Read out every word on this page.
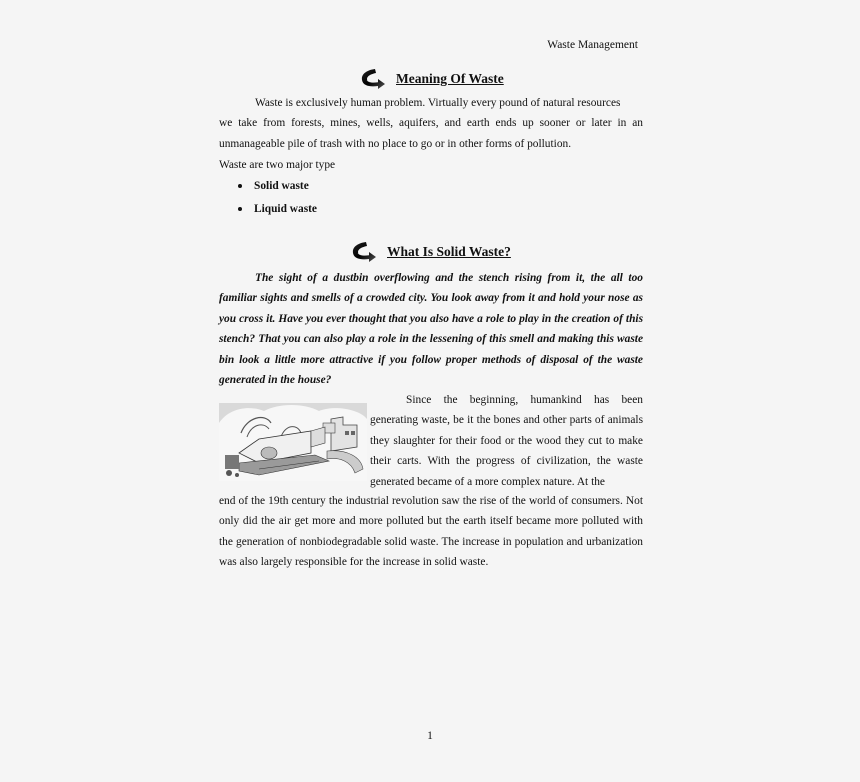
Waste Management
Meaning Of Waste

Waste is exclusively human problem. Virtually every pound of natural resources

we take from forests, mines, wells, aquifers, and earth ends up sooner or later in an

unmanageable pile of trash with no place to go or in other forms of pollution.

Waste are two major type
Solid waste
Liquid waste
What Is Solid Waste?

The sight of a dustbin overflowing and the stench rising from it, the all too familiar sights and smells of a crowded city. You look away from it and hold your nose as you cross it. Have you ever thought that you also have a role to play in the creation of this stench? That you can also play a role in the lessening of this smell and making this waste bin look a little more attractive if you follow proper methods of disposal of the waste generated in the house?

Since the beginning, humankind has been generating waste, be it the bones and other parts of animals they slaughter for their food or the wood they cut to make their carts. With the progress of civilization, the waste generated became of a more complex nature. At the

end of the 19th century the industrial revolution saw the rise of the world of consumers. Not only did the air get more and more polluted but the earth itself became more polluted with the generation of nonbiodegradable solid waste. The increase in population and urbanization was also largely responsible for the increase in solid waste.

1
